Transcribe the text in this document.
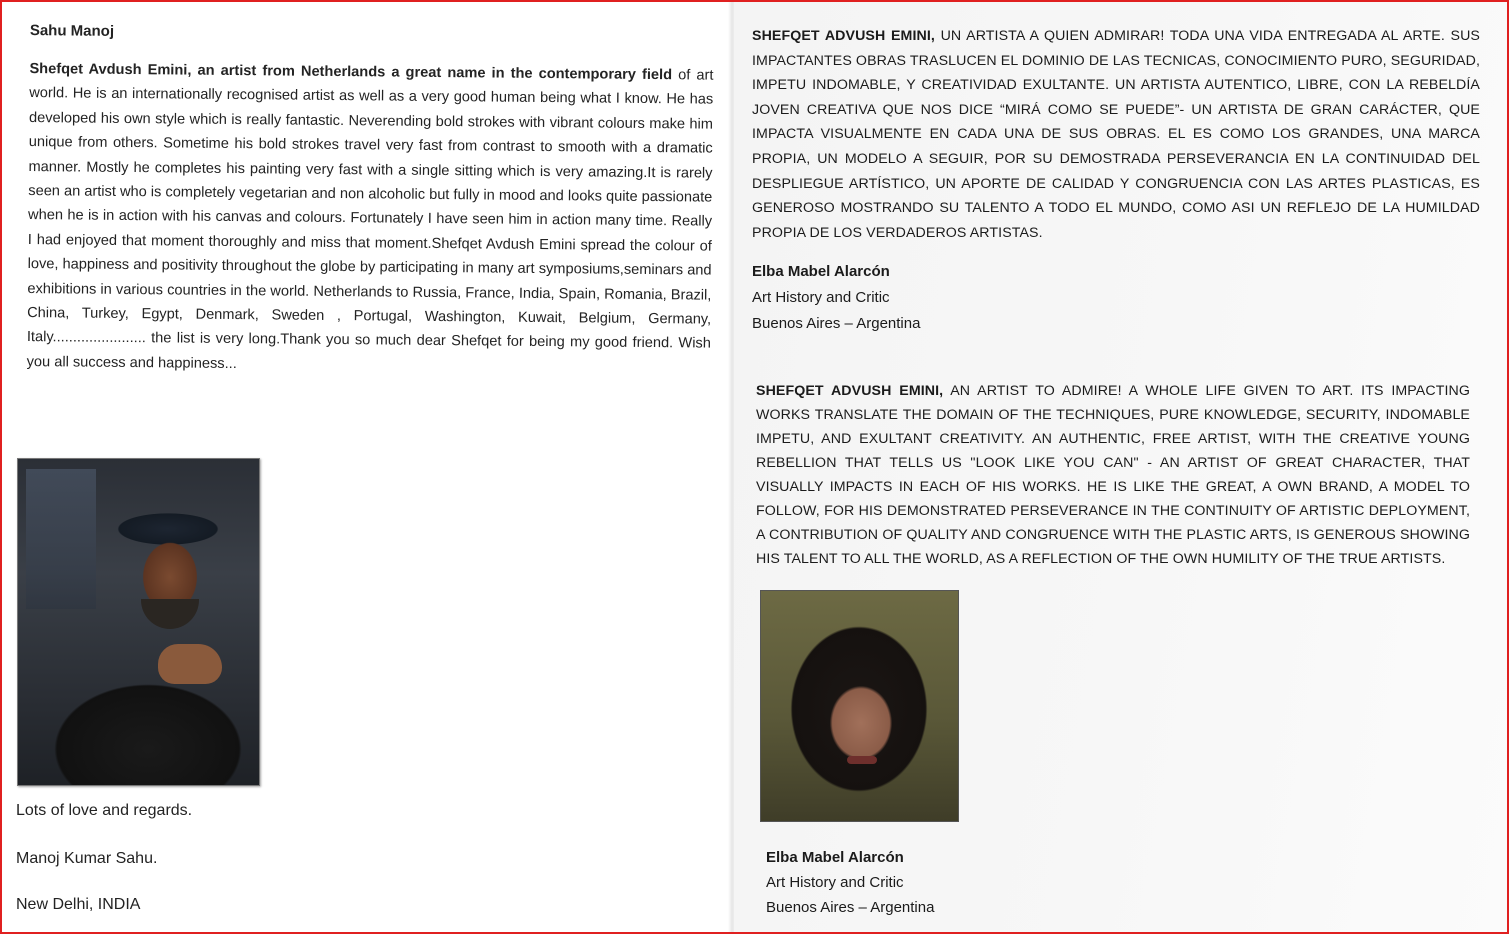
Sahu Manoj

Shefqet Avdush Emini, an artist from Netherlands a great name in the contemporary field of art world. He is an internationally recognised artist as well as a very good human being what I know. He has developed his own style which is really fantastic. Neverending bold strokes with vibrant colours make him unique from others. Sometime his bold strokes travel very fast from contrast to smooth with a dramatic manner. Mostly he completes his painting very fast with a single sitting which is very amazing.It is rarely seen an artist who is completely vegetarian and non alcoholic but fully in mood and looks quite passionate when he is in action with his canvas and colours. Fortunately I have seen him in action many time. Really I had enjoyed that moment thoroughly and miss that moment.Shefqet Avdush Emini spread the colour of love, happiness and positivity throughout the globe by participating in many art symposiums,seminars and exhibitions in various countries in the world. Netherlands to Russia, France, India, Spain, Romania, Brazil, China, Turkey, Egypt, Denmark, Sweden , Portugal, Washington, Kuwait, Belgium, Germany, Italy....................... the list is very long.Thank you so much dear Shefqet for being my good friend. Wish you all success and happiness...

Lots of love and regards.
Manoj Kumar Sahu.
New Delhi, INDIA

SHEFQET ADVUSH EMINI, UN ARTISTA A QUIEN ADMIRAR! TODA UNA VIDA ENTREGADA AL ARTE. SUS IMPACTANTES OBRAS TRASLUCEN EL DOMINIO DE LAS TECNICAS, CONOCIMIENTO PURO, SEGURIDAD, IMPETU INDOMABLE, Y CREATIVIDAD EXULTANTE. UN ARTISTA AUTENTICO, LIBRE, CON LA REBELDÍA JOVEN CREATIVA QUE NOS DICE “MIRÁ COMO SE PUEDE”- UN ARTISTA DE GRAN CARÁCTER, QUE IMPACTA VISUALMENTE EN CADA UNA DE SUS OBRAS. EL ES COMO LOS GRANDES, UNA MARCA PROPIA, UN MODELO A SEGUIR, POR SU DEMOSTRADA PERSEVERANCIA EN LA CONTINUIDAD DEL DESPLIEGUE ARTÍSTICO, UN APORTE DE CALIDAD Y CONGRUENCIA CON LAS ARTES PLASTICAS, ES GENEROSO MOSTRANDO SU TALENTO A TODO EL MUNDO, COMO ASI UN REFLEJO DE LA HUMILDAD PROPIA DE LOS VERDADEROS ARTISTAS.

Elba Mabel Alarcón
Art History and Critic
Buenos Aires – Argentina

SHEFQET ADVUSH EMINI, AN ARTIST TO ADMIRE! A WHOLE LIFE GIVEN TO ART. ITS IMPACTING WORKS TRANSLATE THE DOMAIN OF THE TECHNIQUES, PURE KNOWLEDGE, SECURITY, INDOMABLE IMPETU, AND EXULTANT CREATIVITY. AN AUTHENTIC, FREE ARTIST, WITH THE CREATIVE YOUNG REBELLION THAT TELLS US "LOOK LIKE YOU CAN" - AN ARTIST OF GREAT CHARACTER, THAT VISUALLY IMPACTS IN EACH OF HIS WORKS. HE IS LIKE THE GREAT, A OWN BRAND, A MODEL TO FOLLOW, FOR HIS DEMONSTRATED PERSEVERANCE IN THE CONTINUITY OF ARTISTIC DEPLOYMENT, A CONTRIBUTION OF QUALITY AND CONGRUENCE WITH THE PLASTIC ARTS, IS GENEROUS SHOWING HIS TALENT TO ALL THE WORLD, AS A REFLECTION OF THE OWN HUMILITY OF THE TRUE ARTISTS.

Elba Mabel Alarcón
Art History and Critic
Buenos Aires – Argentina
